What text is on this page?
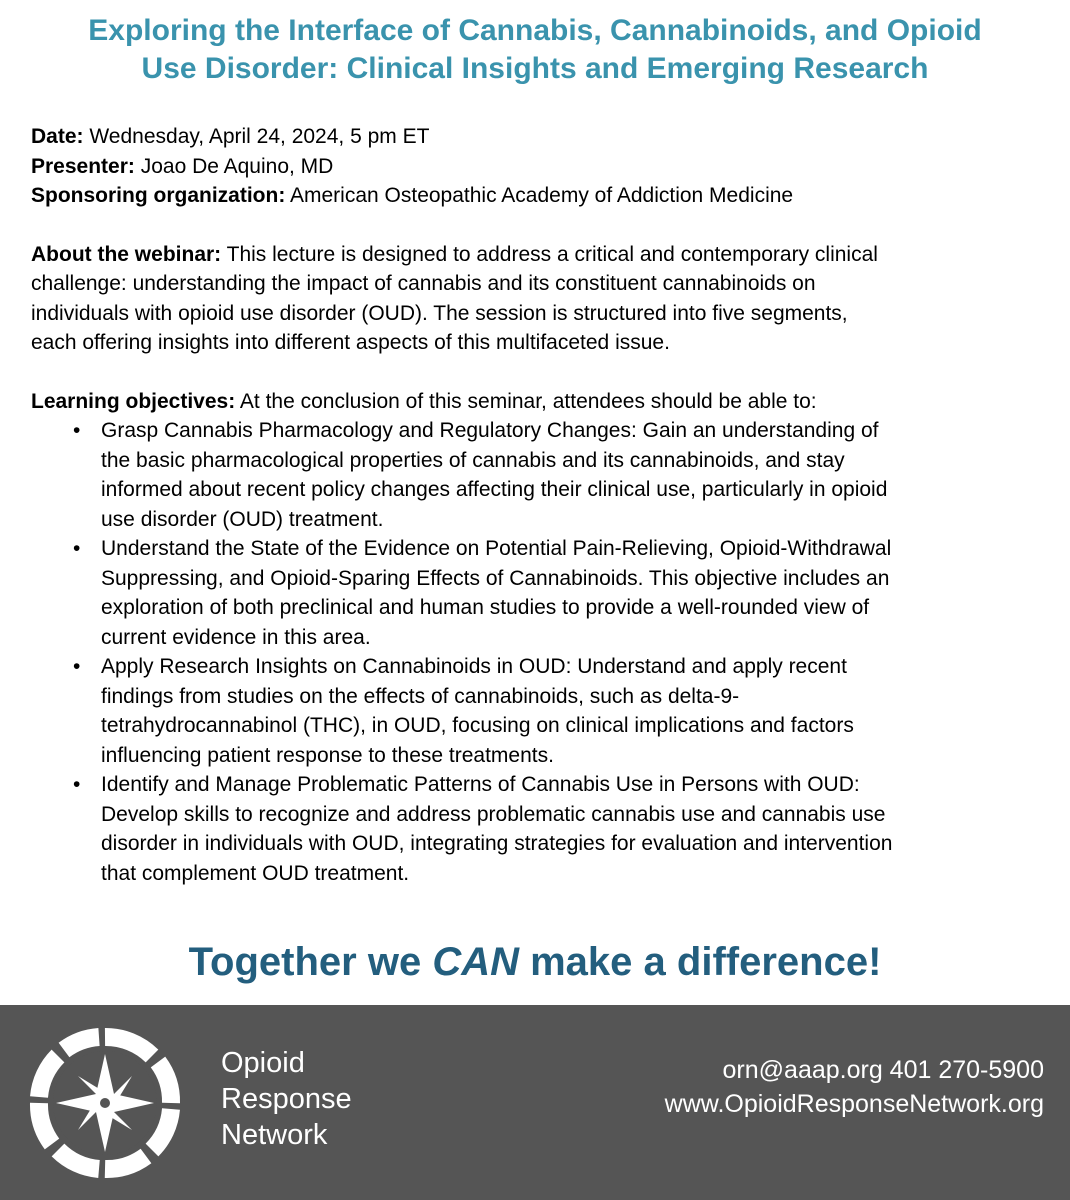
Exploring the Interface of Cannabis, Cannabinoids, and Opioid
Use Disorder: Clinical Insights and Emerging Research
Date: Wednesday, April 24, 2024, 5 pm ET
Presenter: Joao De Aquino, MD
Sponsoring organization: American Osteopathic Academy of Addiction Medicine
About the webinar: This lecture is designed to address a critical and contemporary clinical
challenge: understanding the impact of cannabis and its constituent cannabinoids on
individuals with opioid use disorder (OUD). The session is structured into five segments,
each offering insights into different aspects of this multifaceted issue.
Learning objectives: At the conclusion of this seminar, attendees should be able to:
• Grasp Cannabis Pharmacology and Regulatory Changes: Gain an understanding of
the basic pharmacological properties of cannabis and its cannabinoids, and stay
informed about recent policy changes affecting their clinical use, particularly in opioid
use disorder (OUD) treatment.
• Understand the State of the Evidence on Potential Pain-Relieving, Opioid-Withdrawal
Suppressing, and Opioid-Sparing Effects of Cannabinoids. This objective includes an
exploration of both preclinical and human studies to provide a well-rounded view of
current evidence in this area.
• Apply Research Insights on Cannabinoids in OUD: Understand and apply recent
findings from studies on the effects of cannabinoids, such as delta-9-
tetrahydrocannabinol (THC), in OUD, focusing on clinical implications and factors
influencing patient response to these treatments.
• Identify and Manage Problematic Patterns of Cannabis Use in Persons with OUD:
Develop skills to recognize and address problematic cannabis use and cannabis use
disorder in individuals with OUD, integrating strategies for evaluation and intervention
that complement OUD treatment.
Together we CAN make a difference!
Opioid
Response
Network
orn@aaap.org 401 270-5900
www.OpioidResponseNetwork.org
